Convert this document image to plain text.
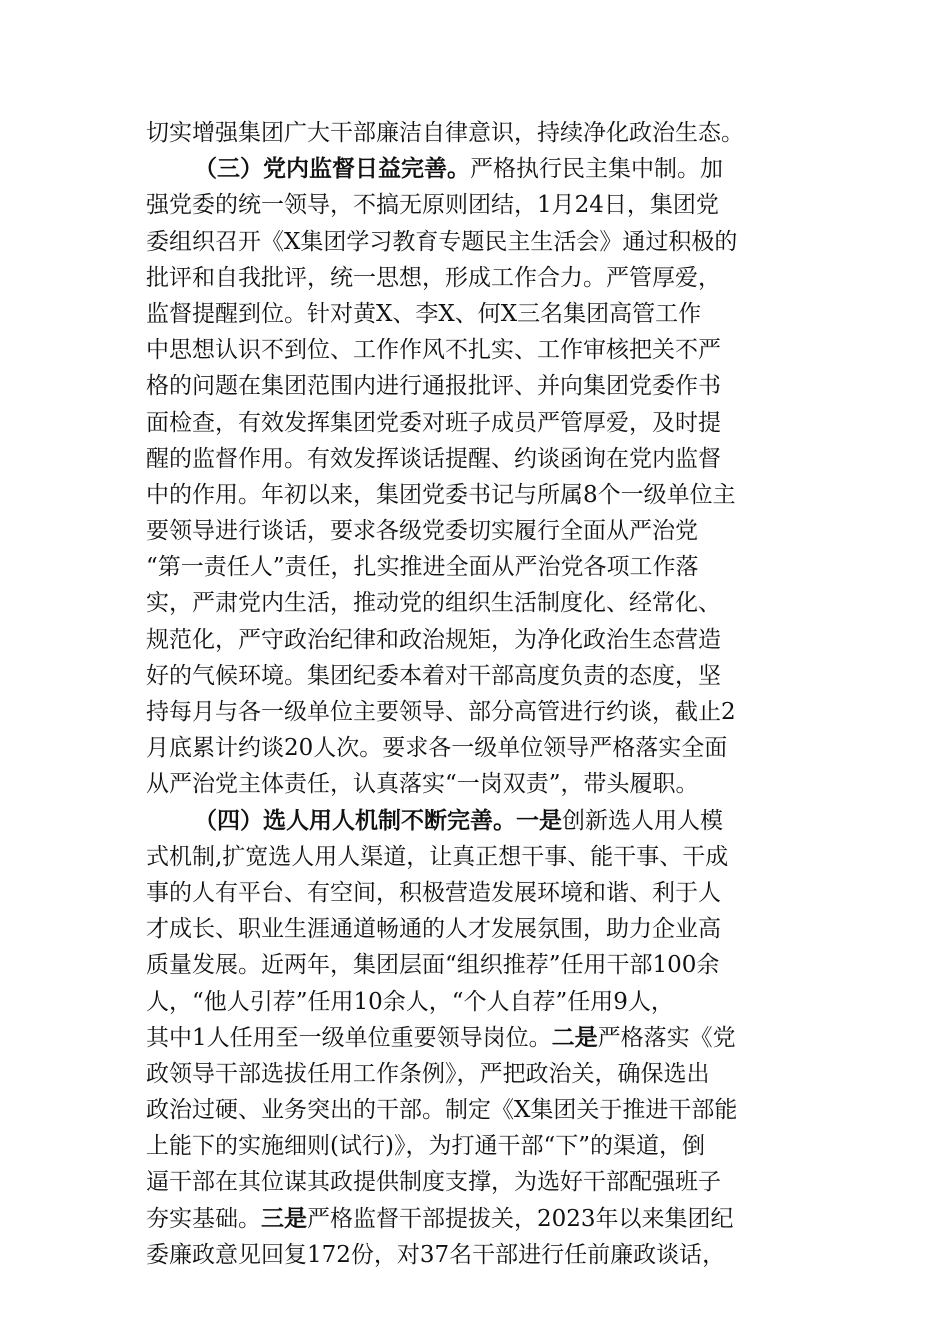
切实增强集团广大干部廉洁自律意识，持续净化政治生态。
（三）党内监督日益完善。严格执行民主集中制。加
强党委的统一领导，不搞无原则团结，1月24日，集团党
委组织召开《X集团学习教育专题民主生活会》通过积极的
批评和自我批评，统一思想，形成工作合力。严管厚爱，
监督提醒到位。针对黄X、李X、何X三名集团高管工作
中思想认识不到位、工作作风不扎实、工作审核把关不严
格的问题在集团范围内进行通报批评、并向集团党委作书
面检查，有效发挥集团党委对班子成员严管厚爱，及时提
醒的监督作用。有效发挥谈话提醒、约谈函询在党内监督
中的作用。年初以来，集团党委书记与所属8个一级单位主
要领导进行谈话，要求各级党委切实履行全面从严治党
“第一责任人”责任，扎实推进全面从严治党各项工作落
实，严肃党内生活，推动党的组织生活制度化、经常化、
规范化，严守政治纪律和政治规矩，为净化政治生态营造
好的气候环境。集团纪委本着对干部高度负责的态度，坚
持每月与各一级单位主要领导、部分高管进行约谈，截止2
月底累计约谈20人次。要求各一级单位领导严格落实全面
从严治党主体责任，认真落实“一岗双责”，带头履职。
（四）选人用人机制不断完善。一是创新选人用人模
式机制,扩宽选人用人渠道，让真正想干事、能干事、干成
事的人有平台、有空间，积极营造发展环境和谐、利于人
才成长、职业生涯通道畅通的人才发展氛围，助力企业高
质量发展。近两年，集团层面“组织推荐”任用干部100余
人，“他人引荐”任用10余人，“个人自荐”任用9人，
其中1人任用至一级单位重要领导岗位。二是严格落实《党
政领导干部选拔任用工作条例》，严把政治关，确保选出
政治过硬、业务突出的干部。制定《X集团关于推进干部能
上能下的实施细则(试行)》，为打通干部“下”的渠道，倒
逼干部在其位谋其政提供制度支撑，为选好干部配强班子
夯实基础。三是严格监督干部提拔关，2023年以来集团纪
委廉政意见回复172份，对37名干部进行任前廉政谈话，
